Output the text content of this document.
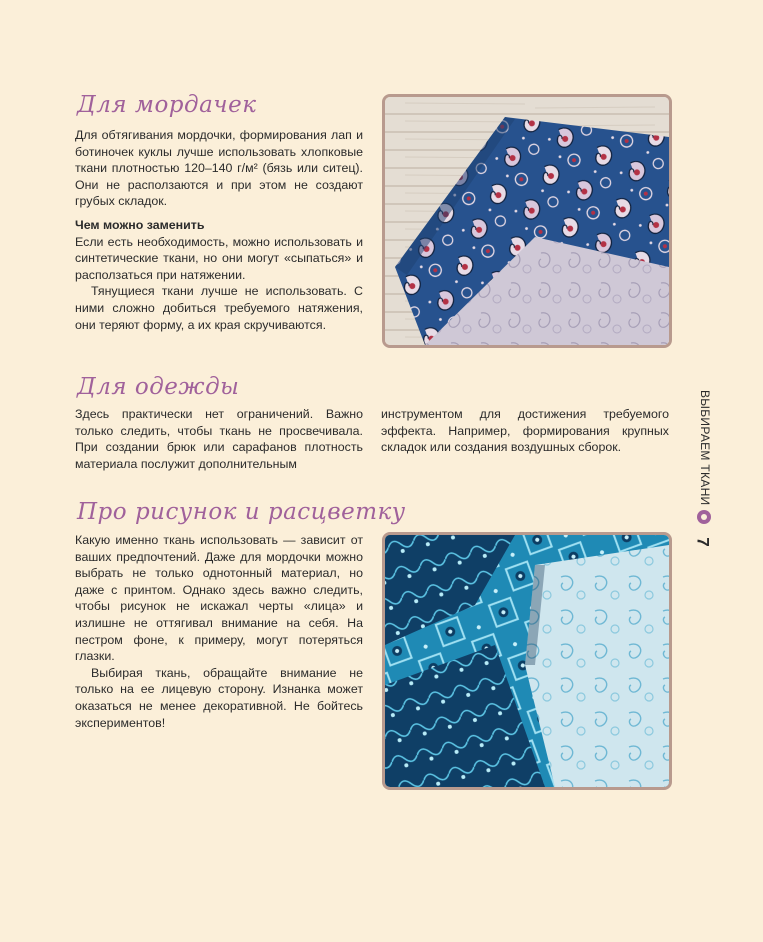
Для мордачек

Для обтягивания мордочки, формирования лап и ботиночек куклы лучше использовать хлопковые ткани плотностью 120–140 г/м² (бязь или ситец). Они не расползаются и при этом не создают грубых складок.

Чем можно заменить

Если есть необходимость, можно использовать и синтетические ткани, но они могут «сыпаться» и расползаться при натяжении.

Тянущиеся ткани лучше не использовать. С ними сложно добиться требуемого натяжения, они теряют форму, а их края скручиваются.

Для одежды
Здесь практически нет ограничений. Важно только следить, чтобы ткань не просвечивала. При создании брюк или сарафанов плотность материала послужит дополнительным
инструментом для достижения требуемого эффекта. Например, формирования крупных складок или создания воздушных сборок.
Про рисунок и расцветку

Какую именно ткань использовать — зависит от ваших предпочтений. Даже для мордочки можно выбрать не только однотонный материал, но даже с принтом. Однако здесь важно следить, чтобы рисунок не искажал черты «лица» и излишне не оттягивал внимание на себя. На пестром фоне, к примеру, могут потеряться глазки.

Выбирая ткань, обращайте внимание не только на ее лицевую сторону. Изнанка может оказаться не менее декоративной. Не бойтесь экспериментов!

ВЫБИРАЕМ ТКАНИ
7
